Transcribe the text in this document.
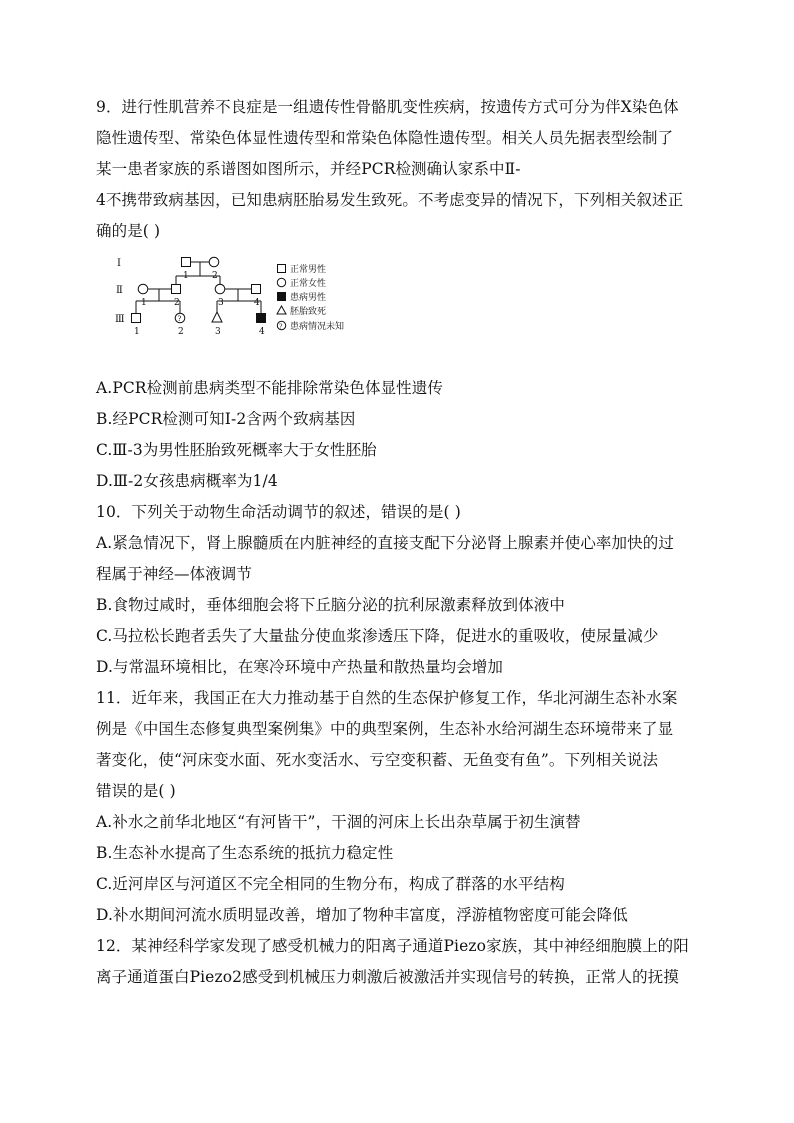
9．进行性肌营养不良症是一组遗传性骨骼肌变性疾病，按遗传方式可分为伴X染色体
隐性遗传型、常染色体显性遗传型和常染色体隐性遗传型。相关人员先据表型绘制了
某一患者家族的系谱图如图所示，并经PCR检测确认家系中Ⅱ-
4不携带致病基因，已知患病胚胎易发生致死。不考虑变异的情况下，下列相关叙述正
确的是( )
Ⅰ
Ⅱ
Ⅲ
1	2
1	2	3	4
1	2	3	4
?
?
正常男性
正常女性
患病男性
胚胎致死
患病情况未知
A.PCR检测前患病类型不能排除常染色体显性遗传
B.经PCR检测可知Ⅰ-2含两个致病基因
C.Ⅲ-3为男性胚胎致死概率大于女性胚胎
D.Ⅲ-2女孩患病概率为1/4
10．下列关于动物生命活动调节的叙述，错误的是( )
A.紧急情况下，肾上腺髓质在内脏神经的直接支配下分泌肾上腺素并使心率加快的过
程属于神经—体液调节
B.食物过咸时，垂体细胞会将下丘脑分泌的抗利尿激素释放到体液中
C.马拉松长跑者丢失了大量盐分使血浆渗透压下降，促进水的重吸收，使尿量减少
D.与常温环境相比，在寒冷环境中产热量和散热量均会增加
11．近年来，我国正在大力推动基于自然的生态保护修复工作，华北河湖生态补水案
例是《中国生态修复典型案例集》中的典型案例，生态补水给河湖生态环境带来了显
著变化，使“河床变水面、死水变活水、亏空变积蓄、无鱼变有鱼”。下列相关说法
错误的是( )
A.补水之前华北地区“有河皆干”，干涸的河床上长出杂草属于初生演替
B.生态补水提高了生态系统的抵抗力稳定性
C.近河岸区与河道区不完全相同的生物分布，构成了群落的水平结构
D.补水期间河流水质明显改善，增加了物种丰富度，浮游植物密度可能会降低
12．某神经科学家发现了感受机械力的阳离子通道Piezo家族，其中神经细胞膜上的阳
离子通道蛋白Piezo2感受到机械压力刺激后被激活并实现信号的转换，正常人的抚摸
